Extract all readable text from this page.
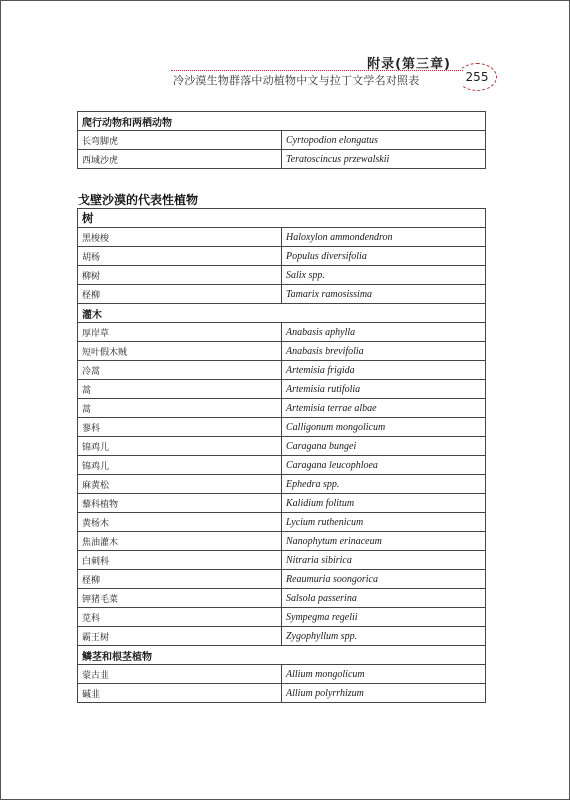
附录(第三章)
冷沙漠生物群落中动植物中文与拉丁文学名对照表	255
爬行动物和两栖动物	
长弯脚虎	Cyrtopodion elongatus
西域沙虎	Teratoscincus przewalskii
戈壁沙漠的代表性植物
树	
黑梭梭	Haloxylon ammondendron
胡杨	Populus diversifolia
柳树	Salix spp.
柽柳	Tamarix ramosissima
灌木	
厚岸草	Anabasis aphylla
短叶假木贼	Anabasis brevifolia
冷蒿	Artemisia frigida
蒿	Artemisia rutifolia
蒿	Artemisia terrae albae
蓼科	Calligonum mongolicum
锦鸡儿	Caragana bungei
锦鸡儿	Caragana leucophloea
麻黄松	Ephedra spp.
藜科植物	Kalidium folitum
黄杨木	Lycium ruthenicum
焦油灌木	Nanophytum erinaceum
白刺科	Nitraria sibirica
柽柳	Reaumuria soongorica
钾猪毛菜	Salsola passerina
苋科	Sympegma regelii
霸王树	Zygophyllum spp.
鳞茎和根茎植物	
蒙古韭	Allium mongolicum
碱韭	Allium polyrrhizum
